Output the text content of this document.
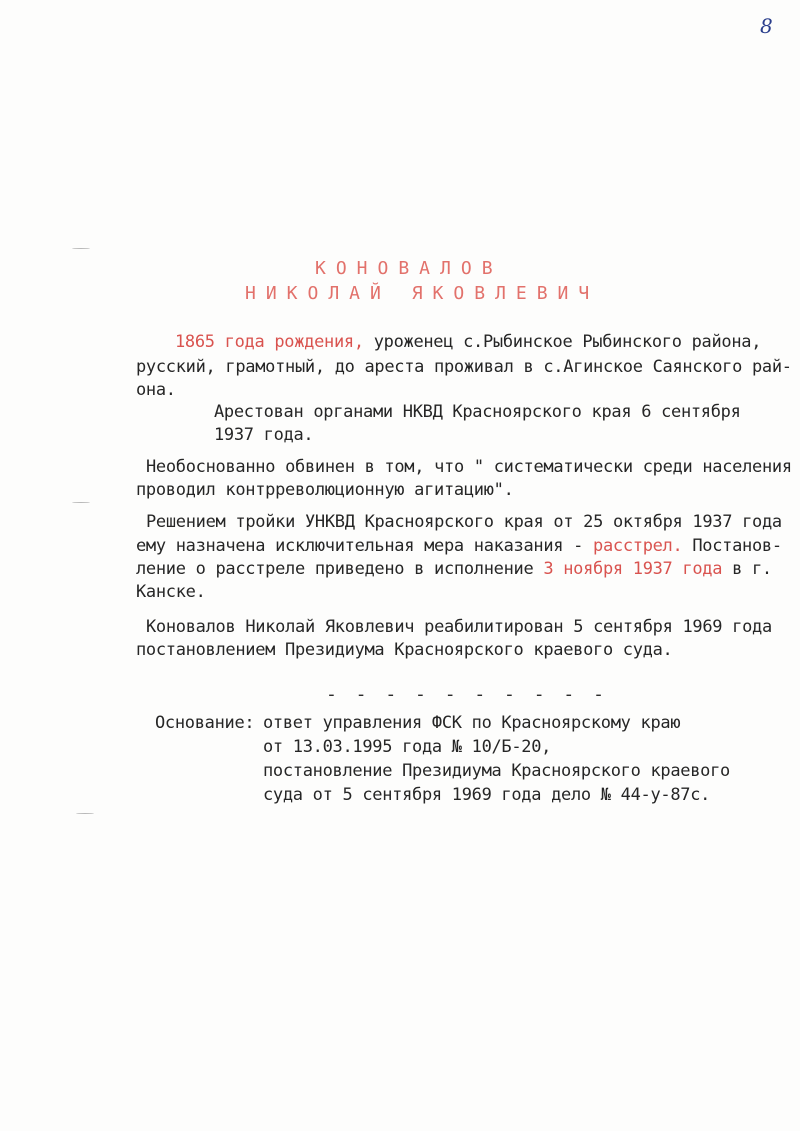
8
КОНОВАЛОВ
НИКОЛАЙ ЯКОВЛЕВИЧ
1865 года рождения, уроженец с.Рыбинское Рыбинского района,
русский, грамотный, до ареста проживал в с.Агинское Саянского рай-
она.
Арестован органами НКВД Красноярского края 6 сентября
1937 года.
Необоснованно обвинен в том, что " систематически среди населения
проводил контрреволюционную агитацию".
Решением тройки УНКВД Красноярского края от 25 октября 1937 года
ему назначена исключительная мера наказания - расстрел. Постанов-
ление о расстреле приведено в исполнение 3 ноября 1937 года в г.
Канске.
Коновалов Николай Яковлевич реабилитирован 5 сентября 1969 года
постановлением Президиума Красноярского краевого суда.
- - - - - - - - - -
Основание: ответ управления ФСК по Красноярскому краю
от 13.03.1995 года № 10/Б-20,
постановление Президиума Красноярского краевого
суда от 5 сентября 1969 года дело № 44-у-87с.
